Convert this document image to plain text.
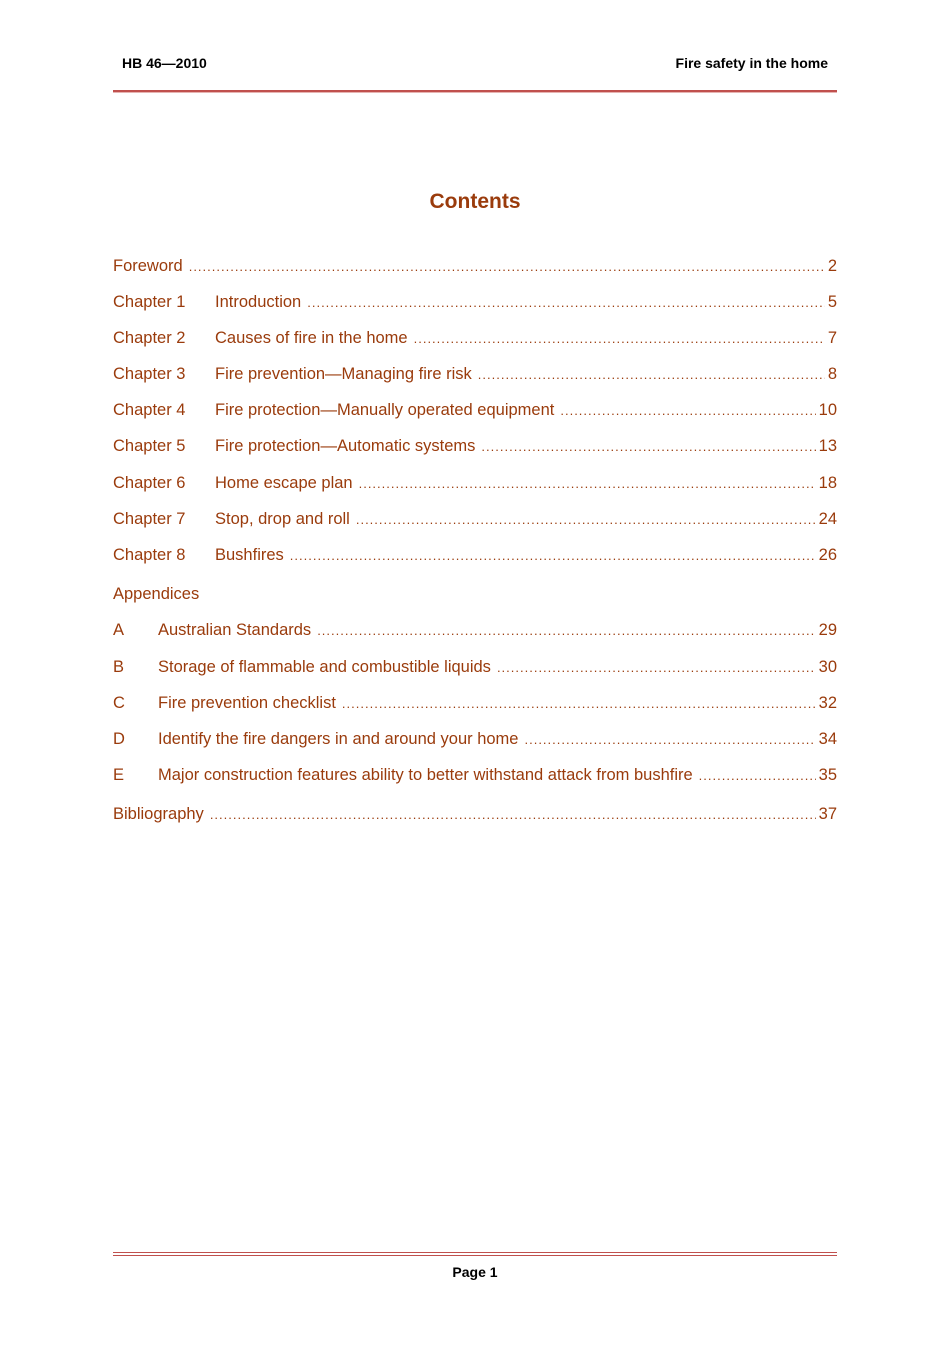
HB 46—2010	Fire safety in the home
Contents
Foreword .....	2
Chapter 1	Introduction .....	5
Chapter 2	Causes of fire in the home .....	7
Chapter 3	Fire prevention—Managing fire risk .....	8
Chapter 4	Fire protection—Manually operated equipment .....	10
Chapter 5	Fire protection—Automatic systems .....	13
Chapter 6	Home escape plan .....	18
Chapter 7	Stop, drop and roll .....	24
Chapter 8	Bushfires .....	26
Appendices
A	Australian Standards .....	29
B	Storage of flammable and combustible liquids .....	30
C	Fire prevention checklist .....	32
D	Identify the fire dangers in and around your home .....	34
E	Major construction features ability to better withstand attack from bushfire .....	35
Bibliography .....	37
Page 1
